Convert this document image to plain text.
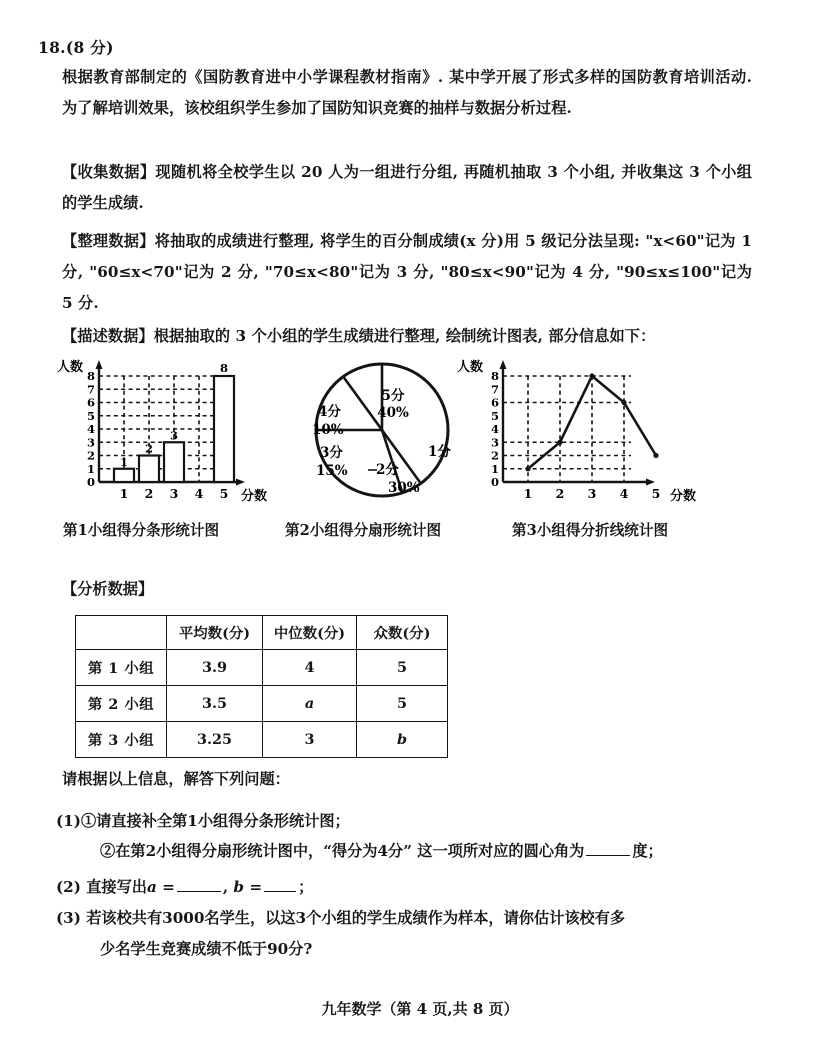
18.(8 分)
根据教育部制定的《国防教育进中小学课程教材指南》. 某中学开展了形式多样的国防教育培训活动. 为了解培训效果，该校组织学生参加了国防知识竞赛的抽样与数据分析过程.
【收集数据】现随机将全校学生以 20 人为一组进行分组, 再随机抽取 3 个小组, 并收集这 3 个小组的学生成绩.
【整理数据】将抽取的成绩进行整理, 将学生的百分制成绩(x 分)用 5 级记分法呈现: "x<60"记为 1 分, "60≤x<70"记为 2 分, "70≤x<80"记为 3 分, "80≤x<90"记为 4 分, "90≤x≤100"记为 5 分.
【描述数据】根据抽取的 3 个小组的学生成绩进行整理, 绘制统计图表, 部分信息如下：
人数
0
1
2
3
4
5
6
7
8
1
2
3
8
1 2 3 4 5 分数
5分
40%
1分
2分
30%
3分
15%
4分
10%
人数
0
1
2
3
4
5
6
7
8
1 2 3 4 5 分数
第1小组得分条形统计图	第2小组得分扇形统计图	第3小组得分折线统计图
【分析数据】
	平均数(分)	中位数(分)	众数(分)
第 1 小组	3.9	4	5
第 2 小组	3.5	a	5
第 3 小组	3.25	3	b
请根据以上信息，解答下列问题：
(1)①请直接补全第1小组得分条形统计图；
②在第2小组得分扇形统计图中，“得分为4分” 这一项所对应的圆心角为	度；
(2) 直接写出a =	, b = ；
(3) 若该校共有3000名学生，以这3个小组的学生成绩作为样本，请你估计该校有多
少名学生竞赛成绩不低于90分?
九年数学（第 4 页,共 8 页）
